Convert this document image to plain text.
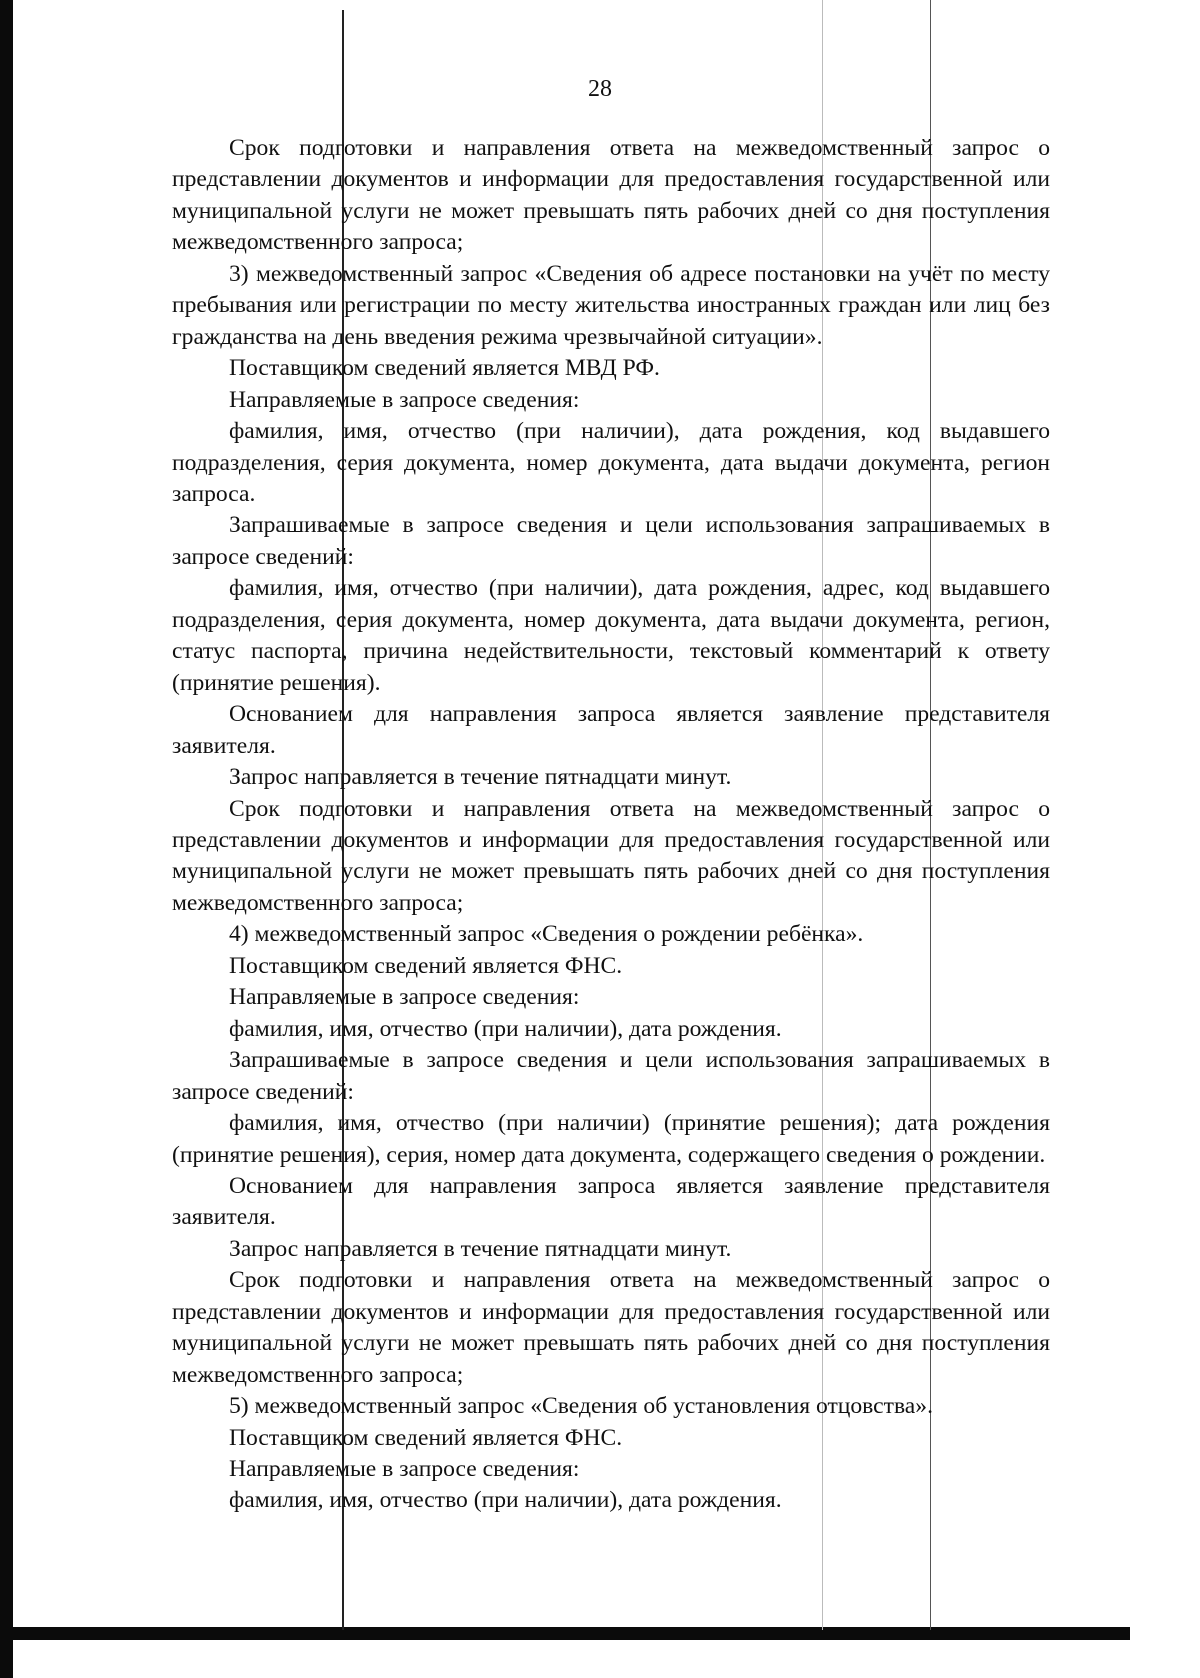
28

Срок подготовки и направления ответа на межведомственный запрос о представлении документов и информации для предоставления государственной или муниципальной услуги не может превышать пять рабочих дней со дня поступления межведомственного запроса;

3) межведомственный запрос «Сведения об адресе постановки на учёт по месту пребывания или регистрации по месту жительства иностранных граждан или лиц без гражданства на день введения режима чрезвычайной ситуации».

Поставщиком сведений является МВД РФ.

Направляемые в запросе сведения:

фамилия, имя, отчество (при наличии), дата рождения, код выдавшего подразделения, серия документа, номер документа, дата выдачи документа, регион запроса.

Запрашиваемые в запросе сведения и цели использования запрашиваемых в запросе сведений:

фамилия, имя, отчество (при наличии), дата рождения, адрес, код выдавшего подразделения, серия документа, номер документа, дата выдачи документа, регион, статус паспорта, причина недействительности, текстовый комментарий к ответу (принятие решения).

Основанием для направления запроса является заявление представителя заявителя.

Запрос направляется в течение пятнадцати минут.

Срок подготовки и направления ответа на межведомственный запрос о представлении документов и информации для предоставления государственной или муниципальной услуги не может превышать пять рабочих дней со дня поступления межведомственного запроса;

4) межведомственный запрос «Сведения о рождении ребёнка».

Поставщиком сведений является ФНС.

Направляемые в запросе сведения:

фамилия, имя, отчество (при наличии), дата рождения.

Запрашиваемые в запросе сведения и цели использования запрашиваемых в запросе сведений:

фамилия, имя, отчество (при наличии) (принятие решения); дата рождения (принятие решения), серия, номер дата документа, содержащего сведения о рождении.

Основанием для направления запроса является заявление представителя заявителя.

Запрос направляется в течение пятнадцати минут.

Срок подготовки и направления ответа на межведомственный запрос о представлении документов и информации для предоставления государственной или муниципальной услуги не может превышать пять рабочих дней со дня поступления межведомственного запроса;

5) межведомственный запрос «Сведения об установления отцовства».

Поставщиком сведений является ФНС.

Направляемые в запросе сведения:

фамилия, имя, отчество (при наличии), дата рождения.
